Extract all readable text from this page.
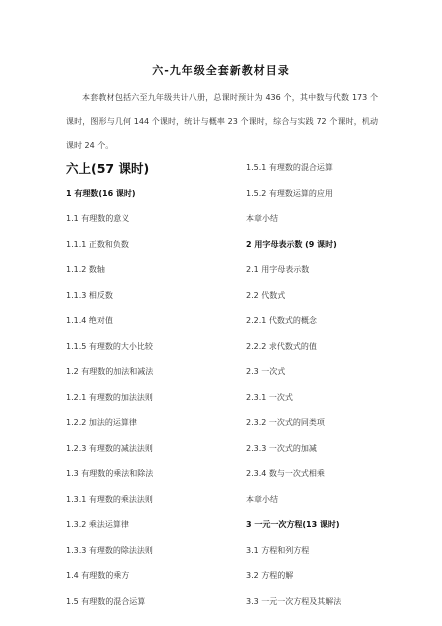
六-九年级全套新教材目录
本套教材包括六至九年级共计八册，总课时预计为 436 个，其中数与代数 173 个课时，图形与几何 144 个课时，统计与概率 23 个课时，综合与实践 72 个课时，机动课时 24 个。
六上(57 课时)
1 有理数(16 课时)
1.1 有理数的意义
1.1.1 正数和负数
1.1.2 数轴
1.1.3 相反数
1.1.4 绝对值
1.1.5 有理数的大小比较
1.2 有理数的加法和减法
1.2.1 有理数的加法法则
1.2.2 加法的运算律
1.2.3 有理数的减法法则
1.3 有理数的乘法和除法
1.3.1 有理数的乘法法则
1.3.2 乘法运算律
1.3.3 有理数的除法法则
1.4 有理数的乘方
1.5 有理数的混合运算
1.5.1 有理数的混合运算
1.5.2 有理数运算的应用
本章小结
2 用字母表示数 (9 课时)
2.1 用字母表示数
2.2 代数式
2.2.1 代数式的概念
2.2.2 求代数式的值
2.3 一次式
2.3.1 一次式
2.3.2 一次式的同类项
2.3.3 一次式的加减
2.3.4 数与一次式相乘
本章小结
3 一元一次方程(13 课时)
3.1 方程和列方程
3.2 方程的解
3.3 一元一次方程及其解法
